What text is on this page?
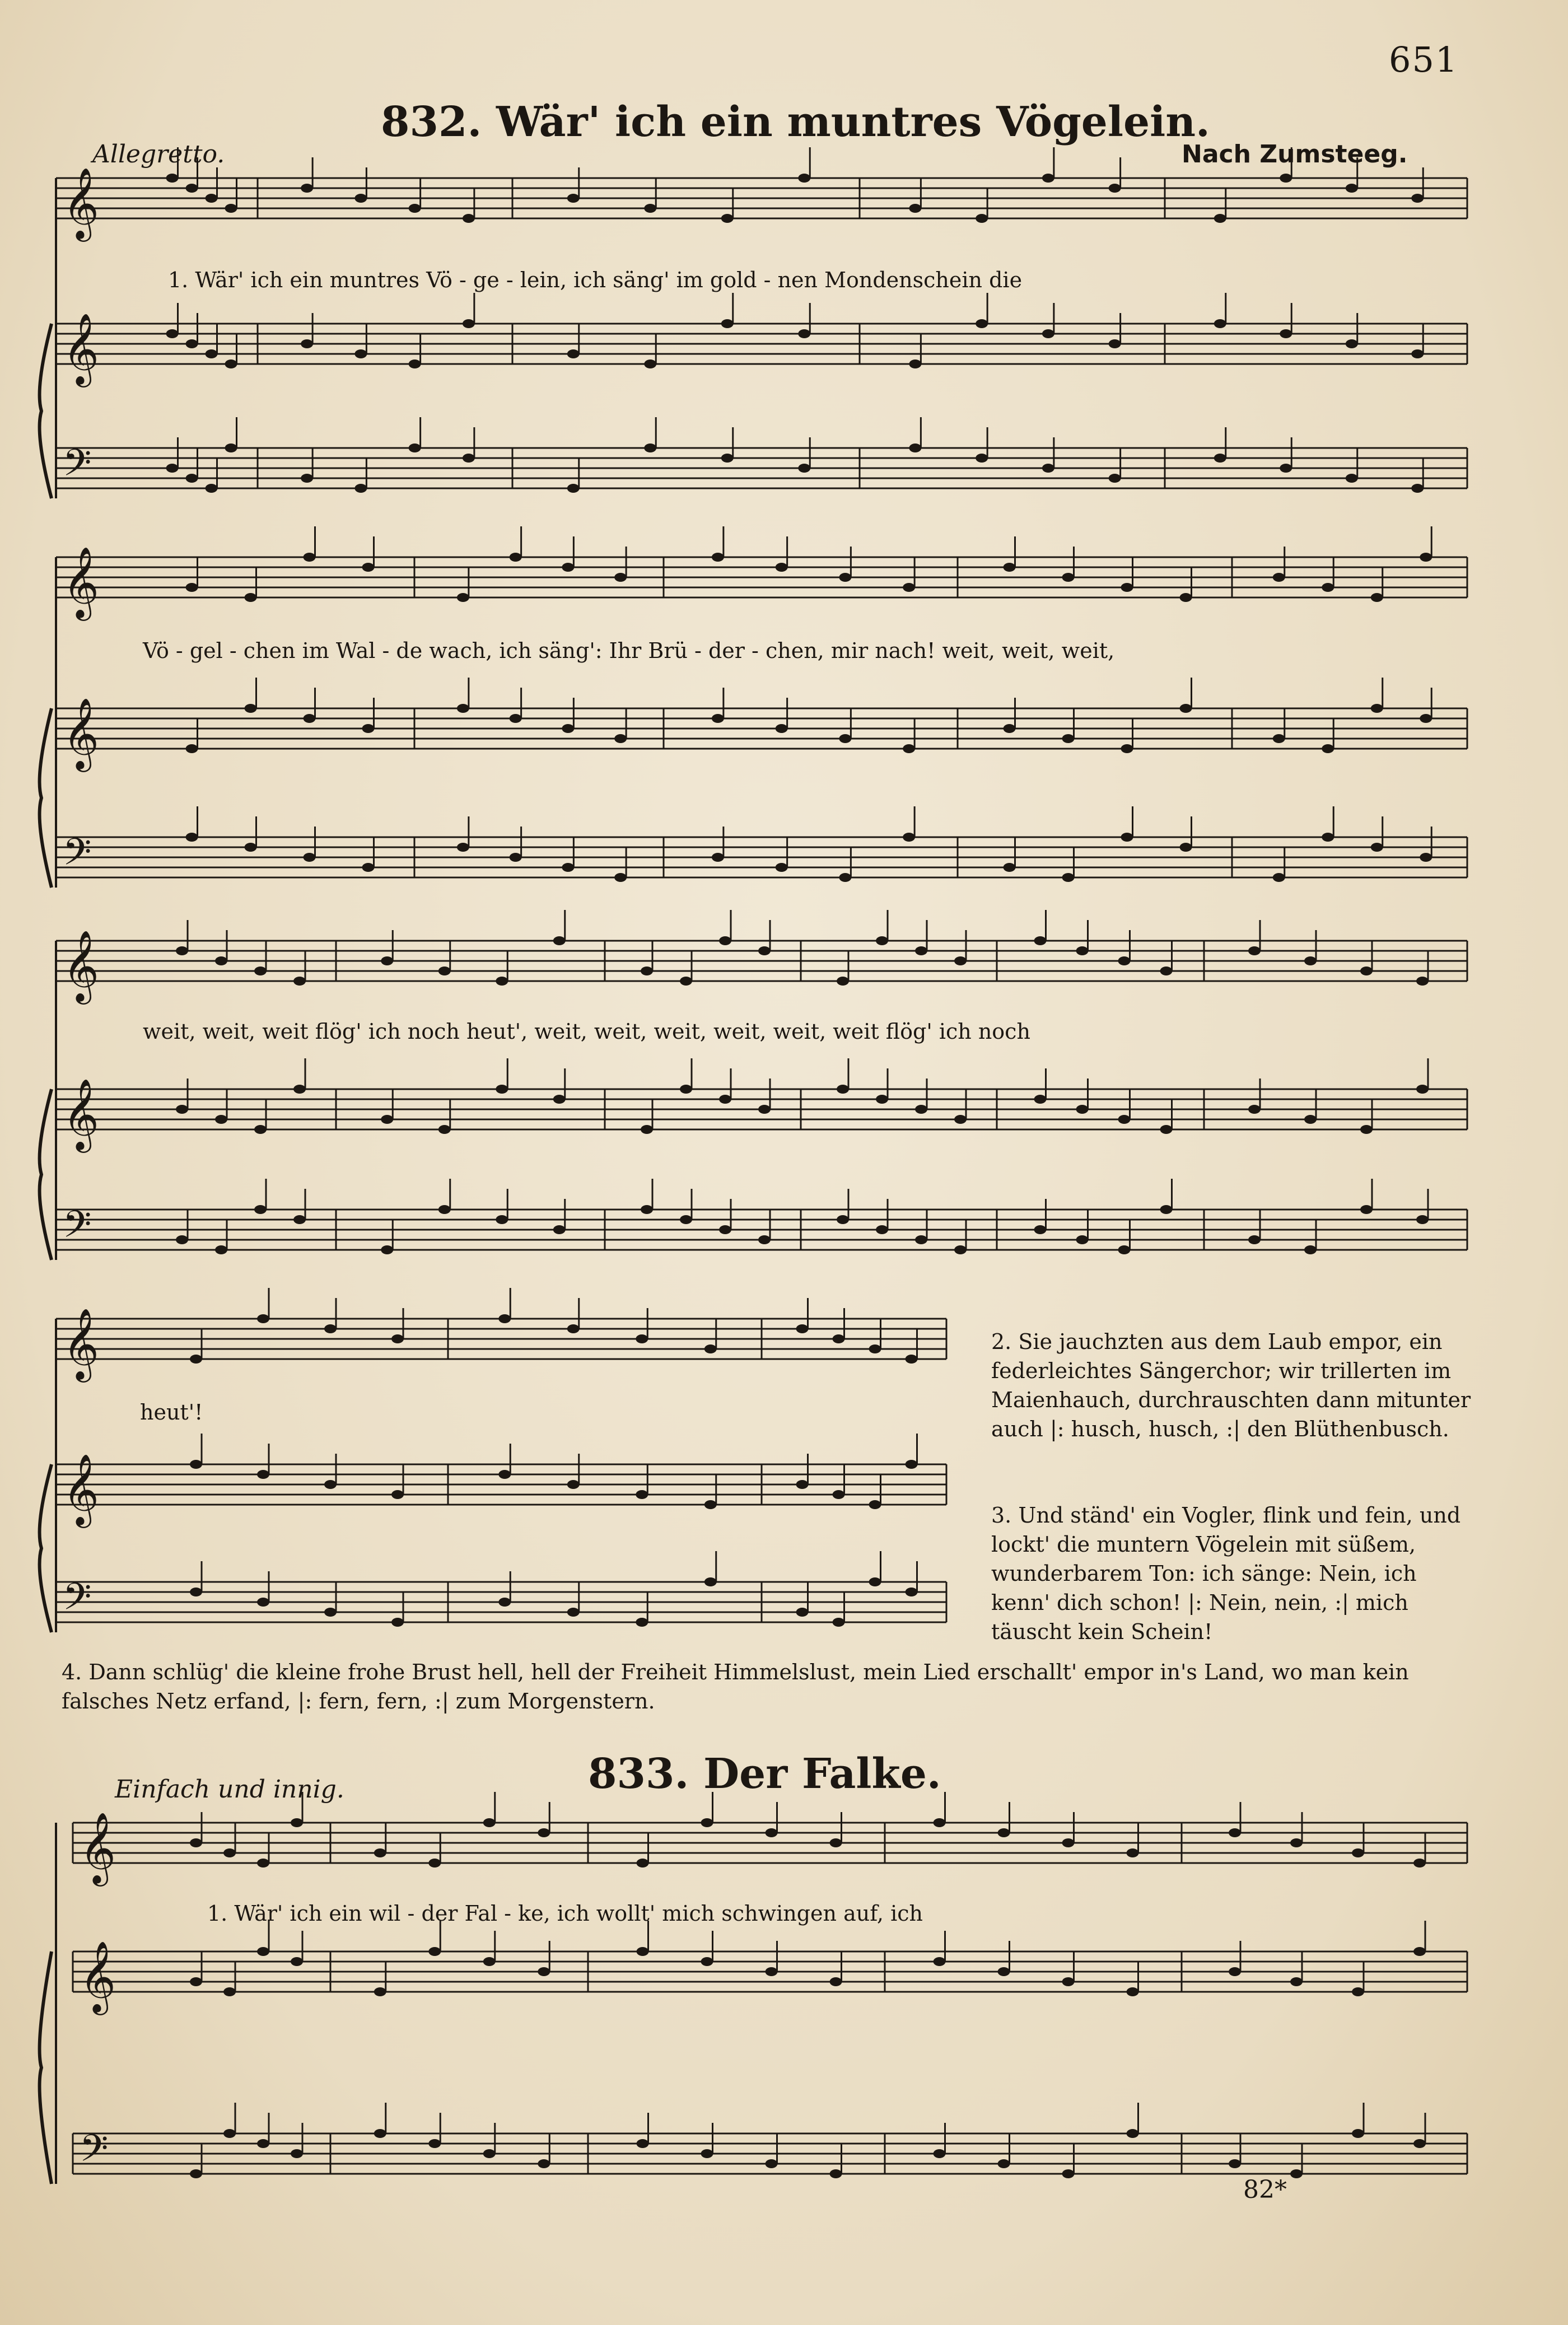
651
832. Wär' ich ein muntres Vögelein.
Allegretto.	Nach Zumsteeg.
1. Wär' ich ein muntres Vö - ge - lein, ich säng' im gold - nen Mondenschein die
Vö - gel - chen im Wal - de wach, ich säng': Ihr Brü - der - chen, mir nach! weit, weit, weit,
weit, weit, weit flög' ich noch heut', weit, weit, weit, weit, weit, weit flög' ich noch
heut'!
2. Sie jauchzten aus dem Laub empor, ein federleichtes Sängerchor; wir trillerten im Maienhauch, durchrauschten dann mitunter auch |: husch, husch, :| den Blüthenbusch.
3. Und ständ' ein Vogler, flink und fein, und lockt' die muntern Vögelein mit süßem, wunderbarem Ton: ich sänge: Nein, ich kenn' dich schon! |: Nein, nein, :| mich täuscht kein Schein!
4. Dann schlüg' die kleine frohe Brust hell, hell der Freiheit Himmelslust, mein Lied erschallt' empor in's Land, wo man kein falsches Netz erfand, |: fern, fern, :| zum Morgenstern.
833. Der Falke.
Einfach und innig.
1. Wär' ich ein wil - der Fal - ke, ich wollt' mich schwingen auf, ich
82*
𝄞
𝄞
𝄢
𝄞
𝄞
𝄢
𝄞
𝄞
𝄢
𝄞
𝄞
𝄢
𝄞
𝄞
𝄢
